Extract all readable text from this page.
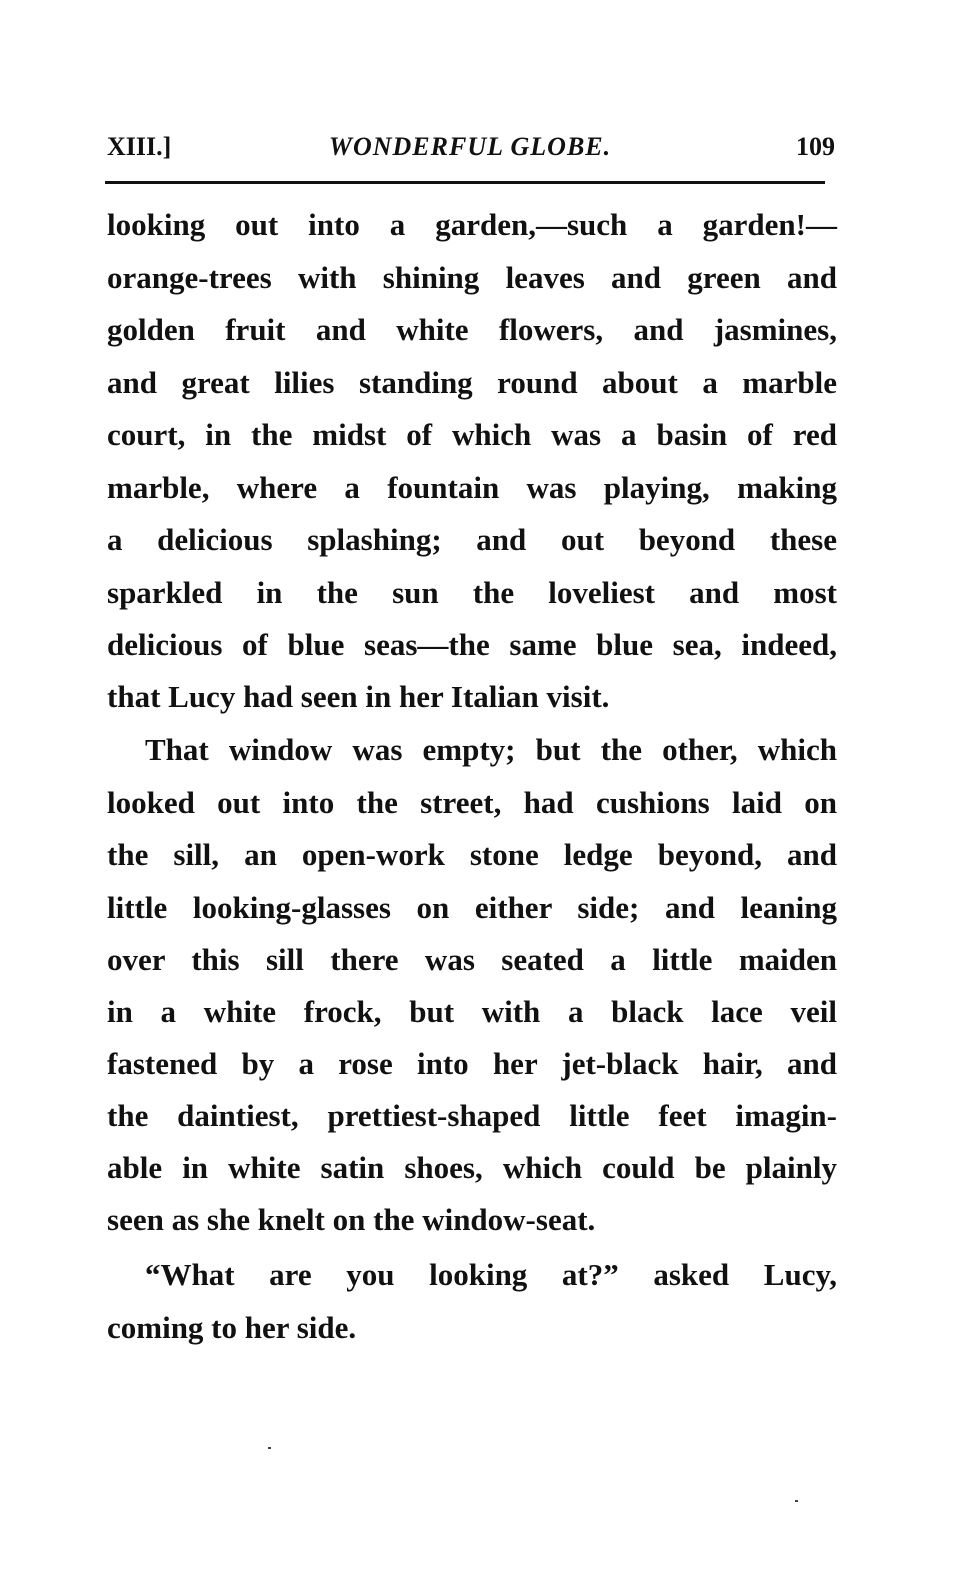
XIII.]	WONDERFUL GLOBE.	109
looking out into a garden,—such a garden!—
orange-trees with shining leaves and green and
golden fruit and white flowers, and jasmines,
and great lilies standing round about a marble
court, in the midst of which was a basin of red
marble, where a fountain was playing, making
a delicious splashing; and out beyond these
sparkled in the sun the loveliest and most
delicious of blue seas—the same blue sea, indeed,
that Lucy had seen in her Italian visit.
That window was empty; but the other, which
looked out into the street, had cushions laid on
the sill, an open-work stone ledge beyond, and
little looking-glasses on either side; and leaning
over this sill there was seated a little maiden
in a white frock, but with a black lace veil
fastened by a rose into her jet-black hair, and
the daintiest, prettiest-shaped little feet imagin-
able in white satin shoes, which could be plainly
seen as she knelt on the window-seat.
“What are you looking at?” asked Lucy,
coming to her side.
